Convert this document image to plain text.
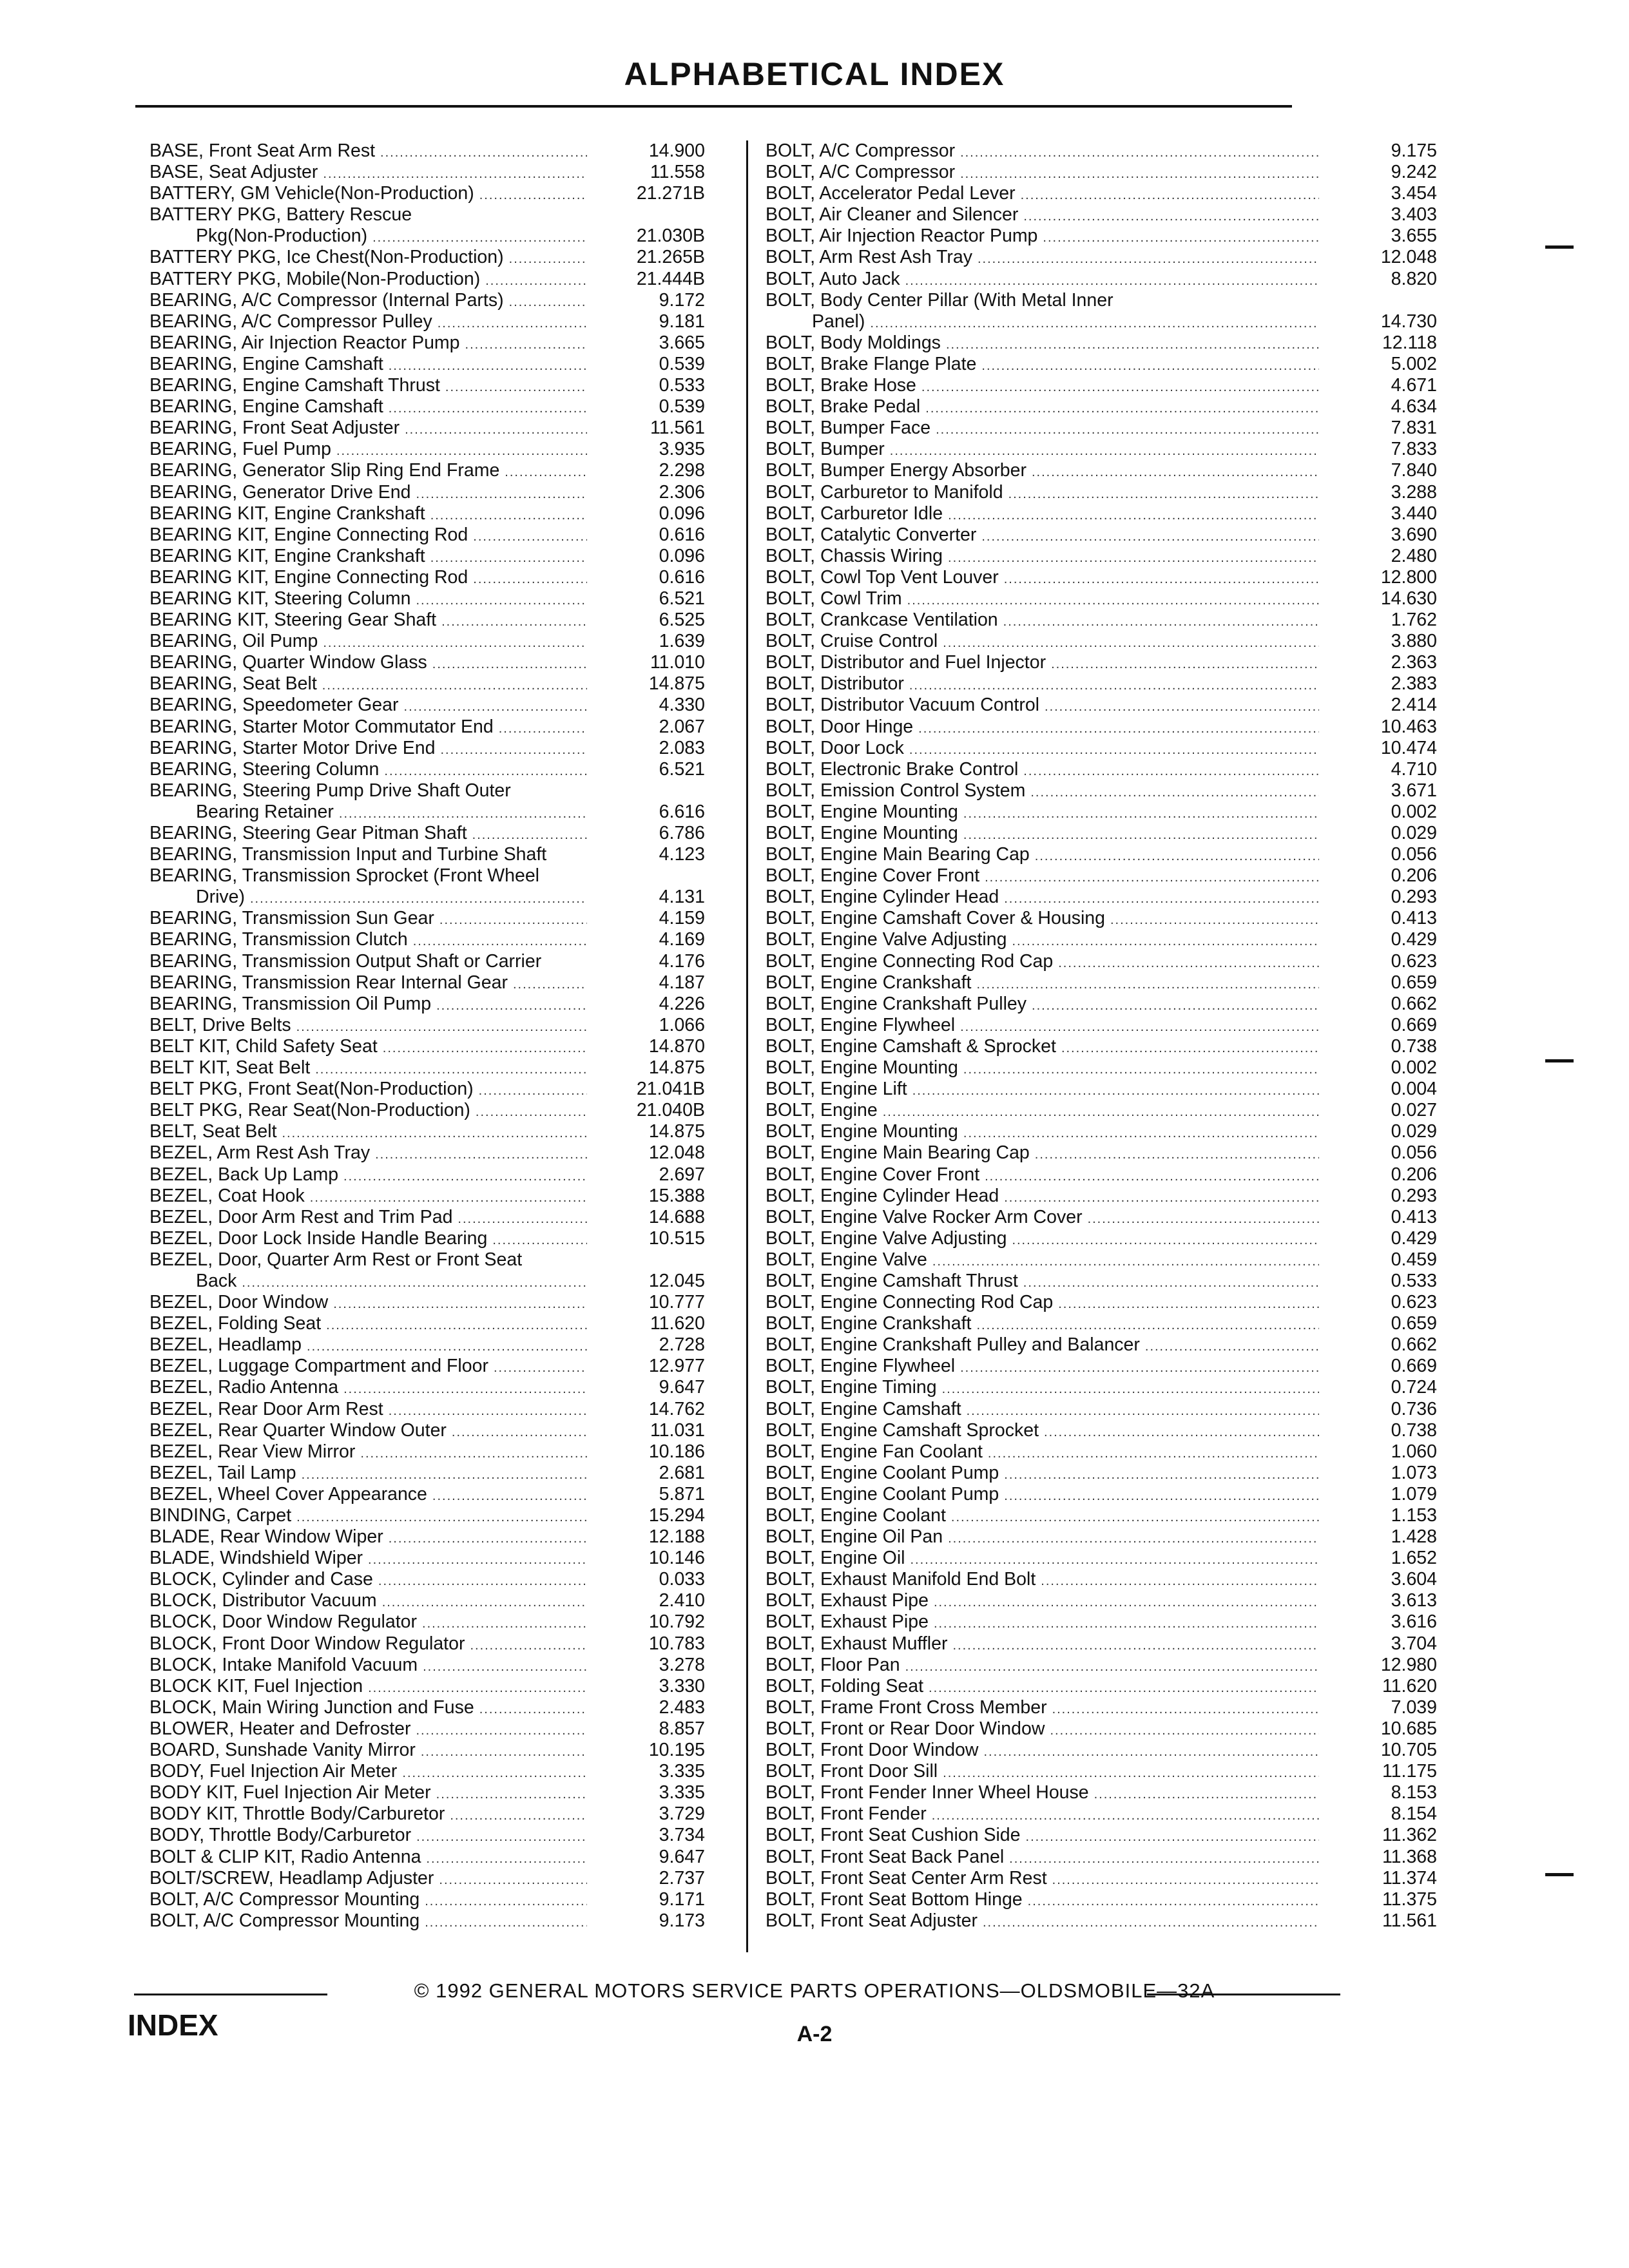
ALPHABETICAL INDEX
BASE, Front Seat Arm Rest .....	14.900
BASE, Seat Adjuster .....	11.558
BATTERY, GM Vehicle(Non-Production) .....	21.271B
BATTERY PKG, Battery Rescue
Pkg(Non-Production) .....	21.030B
BATTERY PKG, Ice Chest(Non-Production) .....	21.265B
BATTERY PKG, Mobile(Non-Production) .....	21.444B
BEARING, A/C Compressor (Internal Parts) .....	9.172
BEARING, A/C Compressor Pulley .....	9.181
BEARING, Air Injection Reactor Pump .....	3.665
BEARING, Engine Camshaft .....	0.539
BEARING, Engine Camshaft Thrust .....	0.533
BEARING, Engine Camshaft .....	0.539
BEARING, Front Seat Adjuster .....	11.561
BEARING, Fuel Pump .....	3.935
BEARING, Generator Slip Ring End Frame .....	2.298
BEARING, Generator Drive End .....	2.306
BEARING KIT, Engine Crankshaft .....	0.096
BEARING KIT, Engine Connecting Rod .....	0.616
BEARING KIT, Engine Crankshaft .....	0.096
BEARING KIT, Engine Connecting Rod .....	0.616
BEARING KIT, Steering Column .....	6.521
BEARING KIT, Steering Gear Shaft .....	6.525
BEARING, Oil Pump .....	1.639
BEARING, Quarter Window Glass .....	11.010
BEARING, Seat Belt .....	14.875
BEARING, Speedometer Gear .....	4.330
BEARING, Starter Motor Commutator End .....	2.067
BEARING, Starter Motor Drive End .....	2.083
BEARING, Steering Column .....	6.521
BEARING, Steering Pump Drive Shaft Outer
Bearing Retainer .....	6.616
BEARING, Steering Gear Pitman Shaft .....	6.786
BEARING, Transmission Input and Turbine Shaft	4.123
BEARING, Transmission Sprocket (Front Wheel
Drive) .....	4.131
BEARING, Transmission Sun Gear .....	4.159
BEARING, Transmission Clutch .....	4.169
BEARING, Transmission Output Shaft or Carrier	4.176
BEARING, Transmission Rear Internal Gear .....	4.187
BEARING, Transmission Oil Pump .....	4.226
BELT, Drive Belts .....	1.066
BELT KIT, Child Safety Seat .....	14.870
BELT KIT, Seat Belt .....	14.875
BELT PKG, Front Seat(Non-Production) .....	21.041B
BELT PKG, Rear Seat(Non-Production) .....	21.040B
BELT, Seat Belt .....	14.875
BEZEL, Arm Rest Ash Tray .....	12.048
BEZEL, Back Up Lamp .....	2.697
BEZEL, Coat Hook .....	15.388
BEZEL, Door Arm Rest and Trim Pad .....	14.688
BEZEL, Door Lock Inside Handle Bearing .....	10.515
BEZEL, Door, Quarter Arm Rest or Front Seat
Back .....	12.045
BEZEL, Door Window .....	10.777
BEZEL, Folding Seat .....	11.620
BEZEL, Headlamp .....	2.728
BEZEL, Luggage Compartment and Floor .....	12.977
BEZEL, Radio Antenna .....	9.647
BEZEL, Rear Door Arm Rest .....	14.762
BEZEL, Rear Quarter Window Outer .....	11.031
BEZEL, Rear View Mirror .....	10.186
BEZEL, Tail Lamp .....	2.681
BEZEL, Wheel Cover Appearance .....	5.871
BINDING, Carpet .....	15.294
BLADE, Rear Window Wiper .....	12.188
BLADE, Windshield Wiper .....	10.146
BLOCK, Cylinder and Case .....	0.033
BLOCK, Distributor Vacuum .....	2.410
BLOCK, Door Window Regulator .....	10.792
BLOCK, Front Door Window Regulator .....	10.783
BLOCK, Intake Manifold Vacuum .....	3.278
BLOCK KIT, Fuel Injection .....	3.330
BLOCK, Main Wiring Junction and Fuse .....	2.483
BLOWER, Heater and Defroster .....	8.857
BOARD, Sunshade Vanity Mirror .....	10.195
BODY, Fuel Injection Air Meter .....	3.335
BODY KIT, Fuel Injection Air Meter .....	3.335
BODY KIT, Throttle Body/Carburetor .....	3.729
BODY, Throttle Body/Carburetor .....	3.734
BOLT & CLIP KIT, Radio Antenna .....	9.647
BOLT/SCREW, Headlamp Adjuster .....	2.737
BOLT, A/C Compressor Mounting .....	9.171
BOLT, A/C Compressor Mounting .....	9.173
BOLT, A/C Compressor .....	9.175
BOLT, A/C Compressor .....	9.242
BOLT, Accelerator Pedal Lever .....	3.454
BOLT, Air Cleaner and Silencer .....	3.403
BOLT, Air Injection Reactor Pump .....	3.655
BOLT, Arm Rest Ash Tray .....	12.048
BOLT, Auto Jack .....	8.820
BOLT, Body Center Pillar (With Metal Inner
Panel) .....	14.730
BOLT, Body Moldings .....	12.118
BOLT, Brake Flange Plate .....	5.002
BOLT, Brake Hose .....	4.671
BOLT, Brake Pedal .....	4.634
BOLT, Bumper Face .....	7.831
BOLT, Bumper .....	7.833
BOLT, Bumper Energy Absorber .....	7.840
BOLT, Carburetor to Manifold .....	3.288
BOLT, Carburetor Idle .....	3.440
BOLT, Catalytic Converter .....	3.690
BOLT, Chassis Wiring .....	2.480
BOLT, Cowl Top Vent Louver .....	12.800
BOLT, Cowl Trim .....	14.630
BOLT, Crankcase Ventilation .....	1.762
BOLT, Cruise Control .....	3.880
BOLT, Distributor and Fuel Injector .....	2.363
BOLT, Distributor .....	2.383
BOLT, Distributor Vacuum Control .....	2.414
BOLT, Door Hinge .....	10.463
BOLT, Door Lock .....	10.474
BOLT, Electronic Brake Control .....	4.710
BOLT, Emission Control System .....	3.671
BOLT, Engine Mounting .....	0.002
BOLT, Engine Mounting .....	0.029
BOLT, Engine Main Bearing Cap .....	0.056
BOLT, Engine Cover Front .....	0.206
BOLT, Engine Cylinder Head .....	0.293
BOLT, Engine Camshaft Cover & Housing .....	0.413
BOLT, Engine Valve Adjusting .....	0.429
BOLT, Engine Connecting Rod Cap .....	0.623
BOLT, Engine Crankshaft .....	0.659
BOLT, Engine Crankshaft Pulley .....	0.662
BOLT, Engine Flywheel .....	0.669
BOLT, Engine Camshaft & Sprocket .....	0.738
BOLT, Engine Mounting .....	0.002
BOLT, Engine Lift .....	0.004
BOLT, Engine .....	0.027
BOLT, Engine Mounting .....	0.029
BOLT, Engine Main Bearing Cap .....	0.056
BOLT, Engine Cover Front .....	0.206
BOLT, Engine Cylinder Head .....	0.293
BOLT, Engine Valve Rocker Arm Cover .....	0.413
BOLT, Engine Valve Adjusting .....	0.429
BOLT, Engine Valve .....	0.459
BOLT, Engine Camshaft Thrust .....	0.533
BOLT, Engine Connecting Rod Cap .....	0.623
BOLT, Engine Crankshaft .....	0.659
BOLT, Engine Crankshaft Pulley and Balancer .....	0.662
BOLT, Engine Flywheel .....	0.669
BOLT, Engine Timing .....	0.724
BOLT, Engine Camshaft .....	0.736
BOLT, Engine Camshaft Sprocket .....	0.738
BOLT, Engine Fan Coolant .....	1.060
BOLT, Engine Coolant Pump .....	1.073
BOLT, Engine Coolant Pump .....	1.079
BOLT, Engine Coolant .....	1.153
BOLT, Engine Oil Pan .....	1.428
BOLT, Engine Oil .....	1.652
BOLT, Exhaust Manifold End Bolt .....	3.604
BOLT, Exhaust Pipe .....	3.613
BOLT, Exhaust Pipe .....	3.616
BOLT, Exhaust Muffler .....	3.704
BOLT, Floor Pan .....	12.980
BOLT, Folding Seat .....	11.620
BOLT, Frame Front Cross Member .....	7.039
BOLT, Front or Rear Door Window .....	10.685
BOLT, Front Door Window .....	10.705
BOLT, Front Door Sill .....	11.175
BOLT, Front Fender Inner Wheel House .....	8.153
BOLT, Front Fender .....	8.154
BOLT, Front Seat Cushion Side .....	11.362
BOLT, Front Seat Back Panel .....	11.368
BOLT, Front Seat Center Arm Rest .....	11.374
BOLT, Front Seat Bottom Hinge .....	11.375
BOLT, Front Seat Adjuster .....	11.561
© 1992 GENERAL MOTORS SERVICE PARTS OPERATIONS—OLDSMOBILE—32A
INDEX	A-2
